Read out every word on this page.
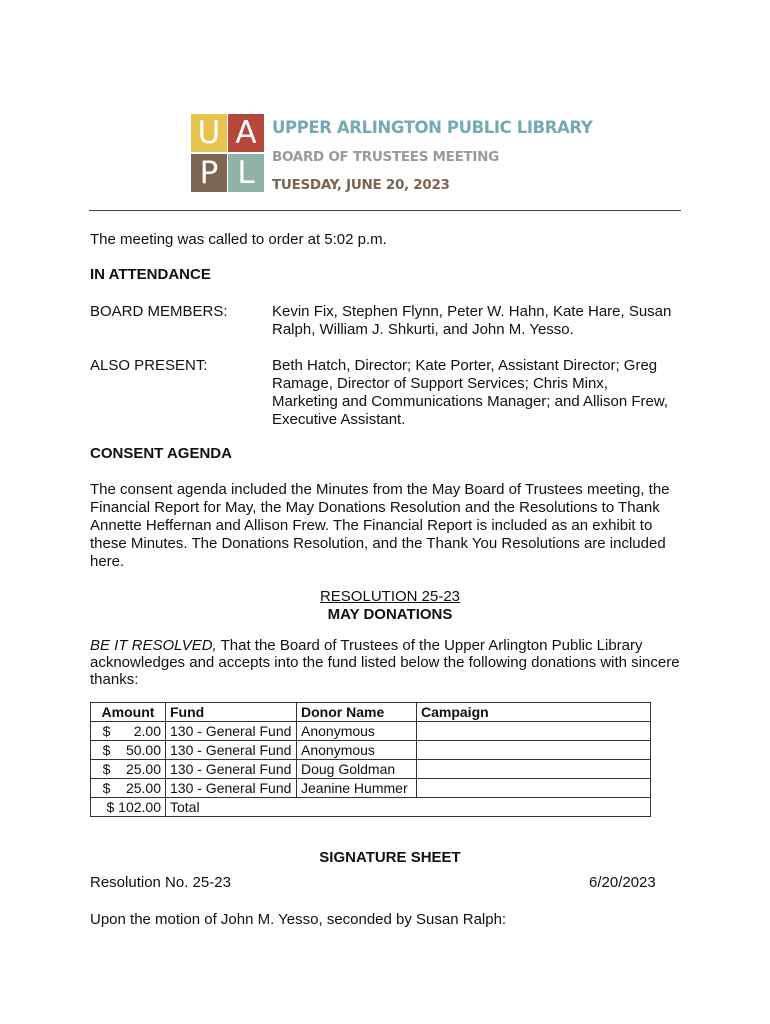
U A
P L
UPPER ARLINGTON PUBLIC LIBRARY
BOARD OF TRUSTEES MEETING
TUESDAY, JUNE 20, 2023
The meeting was called to order at 5:02 p.m.
IN ATTENDANCE
BOARD MEMBERS:	Kevin Fix, Stephen Flynn, Peter W. Hahn, Kate Hare, Susan
Ralph, William J. Shkurti, and John M. Yesso.
ALSO PRESENT:	Beth Hatch, Director; Kate Porter, Assistant Director; Greg
Ramage, Director of Support Services; Chris Minx,
Marketing and Communications Manager; and Allison Frew,
Executive Assistant.
CONSENT AGENDA
The consent agenda included the Minutes from the May Board of Trustees meeting, the
Financial Report for May, the May Donations Resolution and the Resolutions to Thank
Annette Heffernan and Allison Frew. The Financial Report is included as an exhibit to
these Minutes. The Donations Resolution, and the Thank You Resolutions are included
here.
RESOLUTION 25-23
MAY DONATIONS
BE IT RESOLVED, That the Board of Trustees of the Upper Arlington Public Library
acknowledges and accepts into the fund listed below the following donations with sincere
thanks:
Amount	Fund	Donor Name	Campaign
$      2.00	130 - General Fund	Anonymous	
$    50.00	130 - General Fund	Anonymous	
$    25.00	130 - General Fund	Doug Goldman	
$    25.00	130 - General Fund	Jeanine Hummer	
$ 102.00	Total		
SIGNATURE SHEET
Resolution No. 25-23	6/20/2023
Upon the motion of John M. Yesso, seconded by Susan Ralph:
